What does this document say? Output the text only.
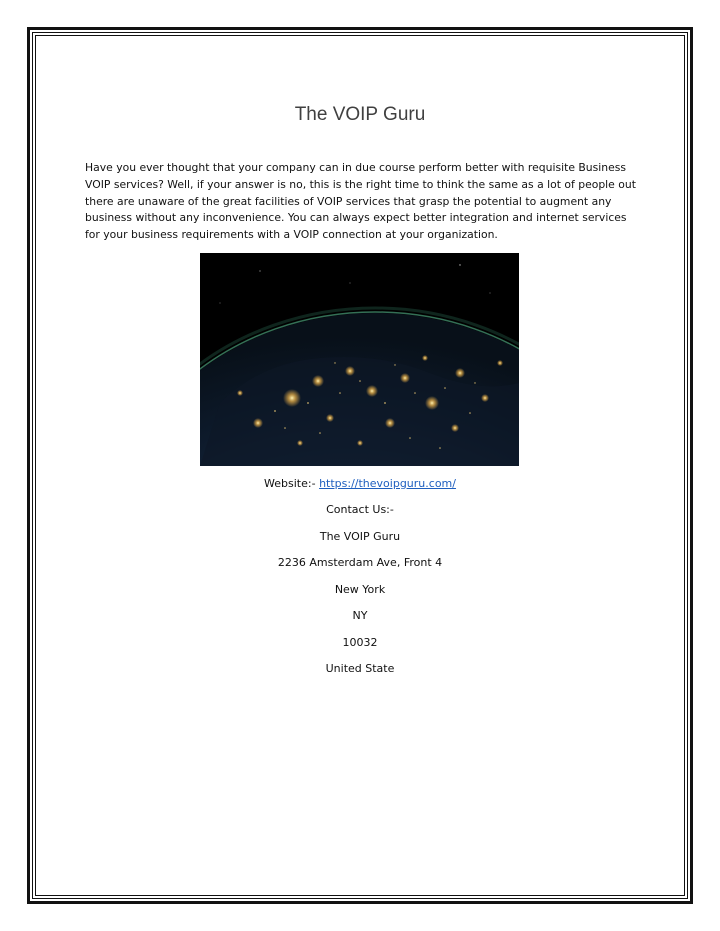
The VOIP Guru

Have you ever thought that your company can in due course perform better with requisite Business VOIP services? Well, if your answer is no, this is the right time to think the same as a lot of people out there are unaware of the great facilities of VOIP services that grasp the potential to augment any business without any inconvenience. You can always expect better integration and internet services for your business requirements with a VOIP connection at your organization.

Website:- https://thevoipguru.com/

Contact Us:-

The VOIP Guru

2236 Amsterdam Ave, Front 4

New York

NY

10032

United State
